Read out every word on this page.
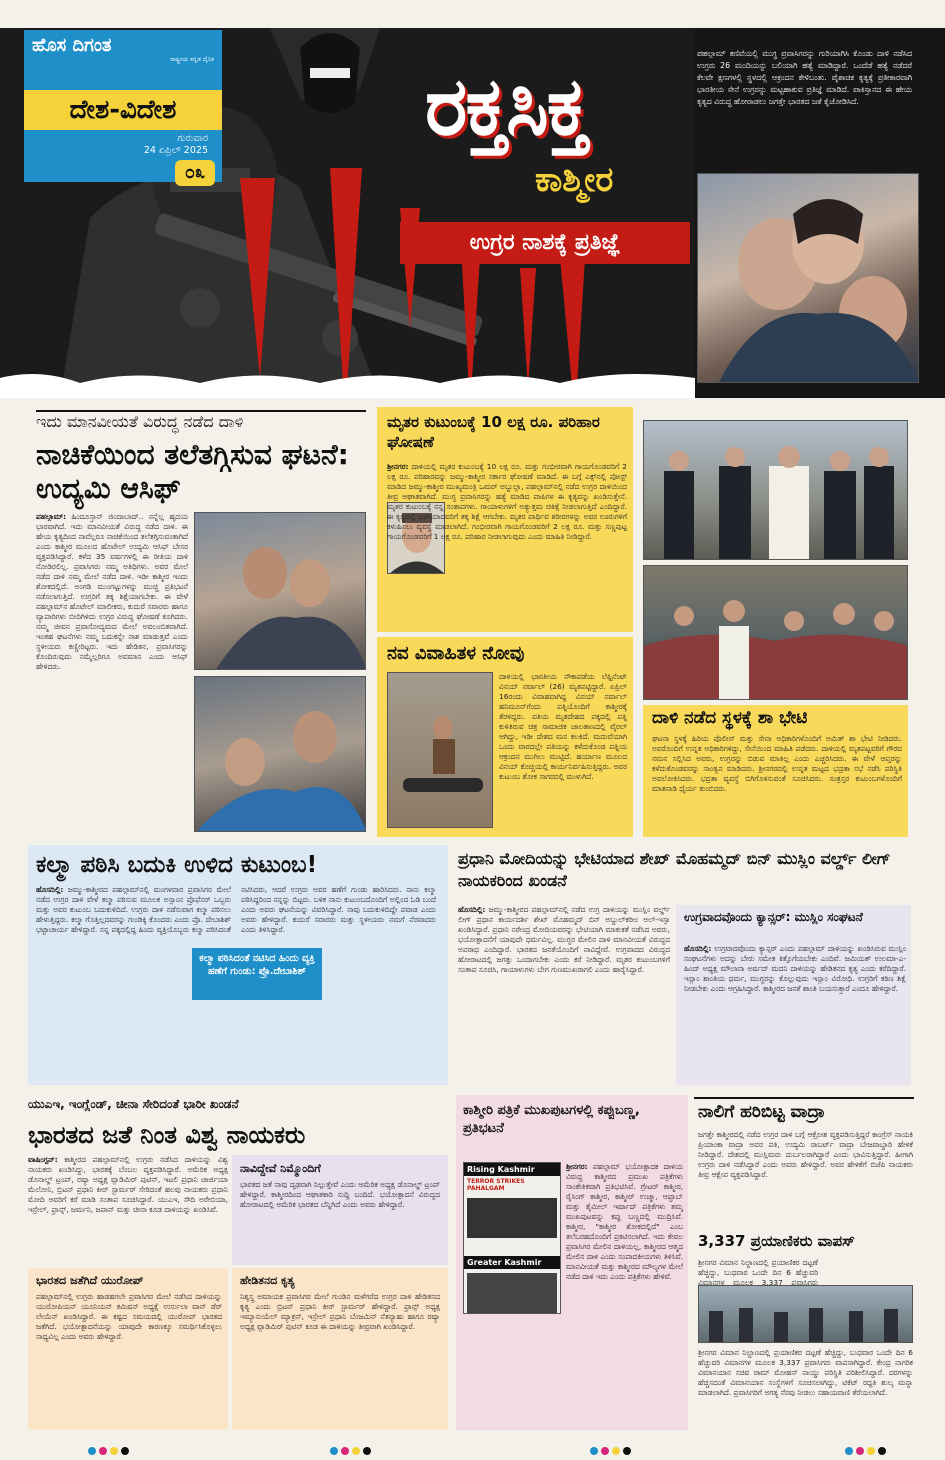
ಹೊಸ ದಿಗಂತ
ರಾಷ್ಟ್ರೀಯ ಕನ್ನಡ ದೈನಿಕ
ದೇಶ-ವಿದೇಶ
ಗುರುವಾರ
24 ಏಪ್ರಿಲ್ 2025
೦೩
ರಕ್ತಸಿಕ್ತ
ಕಾಶ್ಮೀರ
ಉಗ್ರರ ನಾಶಕ್ಕೆ ಪ್ರತಿಜ್ಞೆ
ಪಹಲ್ಗಾಮ್ ಕಣಿವೆಯಲ್ಲಿ ಮುಗ್ಧ ಪ್ರವಾಸಿಗರನ್ನು ಗುರಿಯಾಗಿಸಿ ಕೊಂಡು ದಾಳಿ ನಡೆಸಿದ ಉಗ್ರರು 26 ಮಂದಿಯನ್ನು ಬಲಿಯಾಗಿ ಹತ್ಯೆ ಮಾಡಿದ್ದಾರೆ. ಒಂದೆಡೆ ಹತ್ಯೆ ನಡೆದರೆ ಕೆಲವೇ ಕ್ಷಣಗಳಲ್ಲಿ ಸ್ಥಳದಲ್ಲಿ ಆಕ್ರಂದನ ಕೇಳಿಬಂತು. ಪೈಶಾಚಿಕ ಕೃತ್ಯಕ್ಕೆ ಪ್ರತೀಕಾರವಾಗಿ ಭಾರತೀಯ ಸೇನೆ ಉಗ್ರರನ್ನು ಮಟ್ಟಹಾಕುವ ಪ್ರತಿಜ್ಞೆ ಮಾಡಿದೆ. ಪಾಕಿಸ್ತಾನದ ಈ ಹೇಯ ಕೃತ್ಯದ ವಿರುದ್ಧ ಹೋರಾಡಲು ಜಗತ್ತೇ ಭಾರತದ ಜತೆ ಕೈಜೋಡಿಸಿದೆ.
ಇದು ಮಾನವೀಯತೆ ವಿರುದ್ಧ ನಡೆದ ದಾಳಿ
ನಾಚಿಕೆಯಿಂದ ತಲೆತಗ್ಗಿಸುವ ಘಟನೆ: ಉದ್ಯಮಿ ಆಸಿಫ್
ಪಹಲ್ಗಾಮ್: ಹಿಂದೂಸ್ತಾನ್ ಜಿಂದಾಬಾದ್.. ನನ್ನೆಲ್ಲ ಹೃದಯ ಭಾರವಾಗಿದೆ. ಇದು ಮಾನವೀಯತೆ ವಿರುದ್ಧ ನಡೆದ ದಾಳಿ. ಈ ಹೇಯ ಕೃತ್ಯದಿಂದ ನಾವೆಲ್ಲರೂ ನಾಚಿಕೆಯಿಂದ ತಲೆತಗ್ಗಿಸುವಂತಾಗಿದೆ ಎಂದು ಕಾಶ್ಮೀರ ಮೂಲದ ಹೊಟೇಲ್ ಉದ್ಯಮಿ ಆಸಿಫ್ ಬೇಸರ ವ್ಯಕ್ತಪಡಿಸಿದ್ದಾರೆ. ಕಳೆದ 35 ವರ್ಷಗಳಲ್ಲಿ ಈ ರೀತಿಯ ದಾಳಿ ನೋಡಿರಲಿಲ್ಲ. ಪ್ರವಾಸಿಗರು ನಮ್ಮ ಅತಿಥಿಗಳು. ಅವರ ಮೇಲೆ ನಡೆದ ದಾಳಿ ನಮ್ಮ ಮೇಲೆ ನಡೆದ ದಾಳಿ. ಇಡೀ ಕಾಶ್ಮೀರ ಇಂದು ಶೋಕದಲ್ಲಿದೆ. ಅಂಗಡಿ ಮುಂಗಟ್ಟುಗಳನ್ನು ಮುಚ್ಚಿ ಪ್ರತಿಭಟನೆ ನಡೆಸಲಾಗುತ್ತಿದೆ. ಉಗ್ರರಿಗೆ ತಕ್ಕ ಶಿಕ್ಷೆಯಾಗಬೇಕು. ಈ ವೇಳೆ ಪಹಲ್ಗಾಮ್‌ನ ಹೊಟೇಲ್ ಮಾಲೀಕರು, ಕುದುರೆ ಸವಾರರು ಹಾಗೂ ವ್ಯಾಪಾರಿಗಳು ಬೀದಿಗಿಳಿದು ಉಗ್ರರ ವಿರುದ್ಧ ಘೋಷಣೆ ಕೂಗಿದರು. ನಮ್ಮ ಜೀವನ ಪ್ರವಾಸೋದ್ಯಮದ ಮೇಲೆ ಅವಲಂಬಿತವಾಗಿದೆ. ಇಂತಹ ಘಟನೆಗಳು ನಮ್ಮ ಬದುಕನ್ನೇ ನಾಶ ಮಾಡುತ್ತವೆ ಎಂದು ಸ್ಥಳೀಯರು ಕಣ್ಣೀರಿಟ್ಟರು. ಇದು ಹೇಡಿತನ, ಪ್ರವಾಸಿಗರನ್ನು ಕೊಂದಿರುವುದು ನಮ್ಮೆಲ್ಲರಿಗೂ ಅವಮಾನ ಎಂದು ಆಸಿಫ್ ಹೇಳಿದರು.
ಮೃತರ ಕುಟುಂಬಕ್ಕೆ 10 ಲಕ್ಷ ರೂ. ಪರಿಹಾರ ಘೋಷಣೆ
ಶ್ರೀನಗರ: ದಾಳಿಯಲ್ಲಿ ಮೃತರ ಕುಟುಂಬಕ್ಕೆ 10 ಲಕ್ಷ ರೂ. ಮತ್ತು ಗಂಭೀರವಾಗಿ ಗಾಯಗೊಂಡವರಿಗೆ 2 ಲಕ್ಷ ರೂ. ಪರಿಹಾರವನ್ನು ಜಮ್ಮು-ಕಾಶ್ಮೀರ ಸರ್ಕಾರ ಘೋಷಣೆ ಮಾಡಿದೆ. ಈ ಬಗ್ಗೆ ಎಕ್ಸ್‌ನಲ್ಲಿ ಪೋಸ್ಟ್ ಮಾಡಿದ ಜಮ್ಮು-ಕಾಶ್ಮೀರ ಮುಖ್ಯಮಂತ್ರಿ ಒಮರ್ ಅಬ್ದುಲ್ಲಾ, ಪಹಲ್ಗಾಮ್‌ನಲ್ಲಿ ನಡೆದ ಉಗ್ರರ ದಾಳಿಯಿಂದ ತೀವ್ರ ಆಘಾತವಾಗಿದೆ. ಮುಗ್ಧ ಪ್ರವಾಸಿಗರನ್ನು ಹತ್ಯೆ ಮಾಡಿದ ಪಾಪಿಗಳ ಈ ಕೃತ್ಯವನ್ನು ಖಂಡಿಸುತ್ತೇನೆ. ಮೃತರ ಕುಟುಂಬಕ್ಕೆ ನನ್ನ ಸಂತಾಪಗಳು. ಗಾಯಾಳುಗಳಿಗೆ ಅತ್ಯುತ್ತಮ ಚಿಕಿತ್ಸೆ ನೀಡಲಾಗುತ್ತಿದೆ ಎಂದಿದ್ದಾರೆ. ಈ ಕೃತ್ಯದಲ್ಲಿ ಭಾಗಿಯಾದವರಿಗೆ ತಕ್ಕ ಶಿಕ್ಷೆ ಆಗಬೇಕು. ಮೃತರ ಪಾರ್ಥಿವ ಶರೀರಗಳನ್ನು ಅವರ ಊರುಗಳಿಗೆ ಕಳುಹಿಸಲು ವ್ಯವಸ್ಥೆ ಮಾಡಲಾಗಿದೆ. ಗಂಭೀರವಾಗಿ ಗಾಯಗೊಂಡವರಿಗೆ 2 ಲಕ್ಷ ರೂ. ಮತ್ತು ಸಣ್ಣಪುಟ್ಟ ಗಾಯಗೊಂಡವರಿಗೆ 1 ಲಕ್ಷ ರೂ. ಪರಿಹಾರ ನೀಡಲಾಗುವುದು ಎಂದು ಮಾಹಿತಿ ನೀಡಿದ್ದಾರೆ.
ನವ ವಿವಾಹಿತಳ ನೋವು
ದಾಳಿಯಲ್ಲಿ ಭಾರತೀಯ ನೌಕಾಪಡೆಯ ಲೆಫ್ಟಿನೆಂಟ್ ವಿನಯ್ ನರ್ವಾಲ್ (26) ಮೃತಪಟ್ಟಿದ್ದಾರೆ. ಏಪ್ರಿಲ್ 16ರಂದು ವಿವಾಹವಾಗಿದ್ದ ವಿನಯ್ ನರ್ವಾಲ್ ಹನಿಮೂನ್‌ಗೆಂದು ಪತ್ನಿಯೊಂದಿಗೆ ಕಾಶ್ಮೀರಕ್ಕೆ ತೆರಳಿದ್ದರು. ಪತಿಯ ಮೃತದೇಹದ ಪಕ್ಕದಲ್ಲಿ ಪತ್ನಿ ಕುಳಿತಿರುವ ಚಿತ್ರ ಸಾಮಾಜಿಕ ಜಾಲತಾಣದಲ್ಲಿ ವೈರಲ್ ಆಗಿದ್ದು, ಇಡೀ ದೇಶದ ಮನ ಕಲಕಿದೆ. ಮದುವೆಯಾಗಿ ಒಂದು ವಾರದಲ್ಲೇ ಪತಿಯನ್ನು ಕಳೆದುಕೊಂಡ ಪತ್ನಿಯ ಆಕ್ರಂದನ ಮುಗಿಲು ಮುಟ್ಟಿದೆ. ಹರ್ಯಾಣ ಮೂಲದ ವಿನಯ್ ಕೊಚ್ಚಿಯಲ್ಲಿ ಕಾರ್ಯನಿರ್ವಹಿಸುತ್ತಿದ್ದರು. ಅವರ ಕುಟುಂಬ ಶೋಕ ಸಾಗರದಲ್ಲಿ ಮುಳುಗಿದೆ.
ದಾಳಿ ನಡೆದ ಸ್ಥಳಕ್ಕೆ ಶಾ ಭೇಟಿ
ಘಟನಾ ಸ್ಥಳಕ್ಕೆ ಹಿರಿಯ ಪೊಲೀಸ್ ಮತ್ತು ಸೇನಾ ಅಧಿಕಾರಿಗಳೊಂದಿಗೆ ಅಮಿತ್ ಶಾ ಭೇಟಿ ನೀಡಿದರು. ಅವರೊಂದಿಗೆ ಉನ್ನತ ಅಧಿಕಾರಿಗಳಿದ್ದು, ಸೇನೆಯಿಂದ ಮಾಹಿತಿ ಪಡೆದರು. ದಾಳಿಯಲ್ಲಿ ಮೃತಪಟ್ಟವರಿಗೆ ಗೌರವ ನಮನ ಸಲ್ಲಿಸಿದ ಅವರು, ಉಗ್ರರನ್ನು ಬಿಡುವ ಮಾತಿಲ್ಲ ಎಂದು ಎಚ್ಚರಿಸಿದರು. ಈ ವೇಳೆ ಆಪ್ತರನ್ನು ಕಳೆದುಕೊಂಡವರನ್ನು ಸಾಂತ್ವನ ಮಾಡಿದರು. ಶ್ರೀನಗರದಲ್ಲಿ ಉನ್ನತ ಮಟ್ಟದ ಭದ್ರತಾ ಸಭೆ ನಡೆಸಿ ಪರಿಸ್ಥಿತಿ ಅವಲೋಕಿಸಿದರು. ಭದ್ರತಾ ವ್ಯವಸ್ಥೆ ಬಿಗಿಗೊಳಿಸುವಂತೆ ಸೂಚಿಸಿದರು. ಸಂತ್ರಸ್ತರ ಕುಟುಂಬಗಳೊಂದಿಗೆ ಮಾತನಾಡಿ ಧೈರ್ಯ ತುಂಬಿದರು.
ಕಲ್ಮಾ ಪಠಿಸಿ ಬದುಕಿ ಉಳಿದ ಕುಟುಂಬ!
ಹೊಸದಿಲ್ಲಿ: ಜಮ್ಮು-ಕಾಶ್ಮೀರದ ಪಹಲ್ಗಾಮ್‌ನಲ್ಲಿ ಮಂಗಳವಾರ ಪ್ರವಾಸಿಗರ ಮೇಲೆ ನಡೆದ ಉಗ್ರರ ದಾಳಿ ವೇಳೆ ಕಲ್ಮಾ ಪಠಿಸುವ ಮೂಲಕ ಅಸ್ಸಾಂನ ಪ್ರೊಫೆಸರ್ ಒಬ್ಬರು ಮತ್ತು ಅವರ ಕುಟುಂಬ ಬದುಕುಳಿದಿದೆ. ಉಗ್ರರು ದಾಳಿ ನಡೆಸುವಾಗ ಕಲ್ಮಾ ಪಠಿಸಲು ಹೇಳುತ್ತಿದ್ದರು. ಕಲ್ಮಾ ಗೊತ್ತಿಲ್ಲದವರನ್ನು ಗುಂಡಿಕ್ಕಿ ಕೊಂದರು ಎಂದು ಪ್ರೊ. ದೇಬಾಶಿಶ್ ಭಟ್ಟಾಚಾರ್ಯ ಹೇಳಿದ್ದಾರೆ. ನನ್ನ ಪಕ್ಕದಲ್ಲಿದ್ದ ಹಿಂದು ವ್ಯಕ್ತಿಯೊಬ್ಬರು ಕಲ್ಮಾ ಪಠಿಸಿದಂತೆ ನಟಿಸಿದರು, ಆದರೆ ಉಗ್ರರು ಅವರ ಹಣೆಗೆ ಗುಂಡು ಹಾರಿಸಿದರು. ನಾನು ಕಲ್ಮಾ ಪಠಿಸಿದ್ದರಿಂದ ನನ್ನನ್ನು ಬಿಟ್ಟರು. ಬಳಿಕ ನಾನು ಕುಟುಂಬದೊಂದಿಗೆ ಅಲ್ಲಿಂದ ಓಡಿ ಬಂದೆ ಎಂದು ಅವರು ಘಟನೆಯನ್ನು ವಿವರಿಸಿದ್ದಾರೆ. ನಾವು ಬದುಕುಳಿದಿದ್ದೇ ಪವಾಡ ಎಂದು ಅವರು ಹೇಳಿದ್ದಾರೆ. ಕುದುರೆ ಸವಾರರು ಮತ್ತು ಸ್ಥಳೀಯರು ನಮಗೆ ನೆರವಾದರು ಎಂದು ತಿಳಿಸಿದ್ದಾರೆ.
ಕಲ್ಮಾ ಪಠಿಸಿದಂತೆ ನಟಿಸಿದ ಹಿಂದು ವ್ಯಕ್ತಿ ಹಣೆಗೆ ಗುಂಡು: ಪ್ರೊ.ದೇಬಾಶಿಶ್
ಪ್ರಧಾನಿ ಮೋದಿಯನ್ನು ಭೇಟಿಯಾದ ಶೇಖ್ ಮೊಹಮ್ಮದ್ ಬಿನ್ ಮುಸ್ಲಿಂ ವರ್ಲ್ಡ್ ಲೀಗ್ ನಾಯಕರಿಂದ ಖಂಡನೆ
ಹೊಸದಿಲ್ಲಿ: ಜಮ್ಮು-ಕಾಶ್ಮೀರದ ಪಹಲ್ಗಾಮ್‌ನಲ್ಲಿ ನಡೆದ ಉಗ್ರ ದಾಳಿಯನ್ನು ಮುಸ್ಲಿಂ ವರ್ಲ್ಡ್ ಲೀಗ್ ಪ್ರಧಾನ ಕಾರ್ಯದರ್ಶಿ ಶೇಖ್ ಮೊಹಮ್ಮದ್ ಬಿನ್ ಅಬ್ದುಲ್‌ಕರೀಂ ಅಲ್-ಇಸ್ಸಾ ಖಂಡಿಸಿದ್ದಾರೆ. ಪ್ರಧಾನಿ ನರೇಂದ್ರ ಮೋದಿಯವರನ್ನು ಭೇಟಿಯಾಗಿ ಮಾತುಕತೆ ನಡೆಸಿದ ಅವರು, ಭಯೋತ್ಪಾದನೆಗೆ ಯಾವುದೇ ಧರ್ಮವಿಲ್ಲ. ಮುಗ್ಧರ ಮೇಲಿನ ದಾಳಿ ಮಾನವೀಯತೆ ವಿರುದ್ಧದ ಅಪರಾಧ ಎಂದಿದ್ದಾರೆ. ಭಾರತದ ಜನತೆಯೊಂದಿಗೆ ನಾವಿದ್ದೇವೆ. ಉಗ್ರವಾದದ ವಿರುದ್ಧದ ಹೋರಾಟದಲ್ಲಿ ಜಗತ್ತು ಒಂದಾಗಬೇಕು ಎಂದು ಕರೆ ನೀಡಿದ್ದಾರೆ. ಮೃತರ ಕುಟುಂಬಗಳಿಗೆ ಸಂತಾಪ ಸೂಚಿಸಿ, ಗಾಯಾಳುಗಳು ಬೇಗ ಗುಣಮುಖರಾಗಲಿ ಎಂದು ಹಾರೈಸಿದ್ದಾರೆ.
ಉಗ್ರವಾದವೊಂದು ಕ್ಯಾನ್ಸರ್: ಮುಸ್ಲಿಂ ಸಂಘಟನೆ
ಹೊಸದಿಲ್ಲಿ: ಉಗ್ರವಾದವೊಂದು ಕ್ಯಾನ್ಸರ್ ಎಂದು ಪಹಲ್ಗಾಮ್ ದಾಳಿಯನ್ನು ಖಂಡಿಸಿರುವ ಮುಸ್ಲಿಂ ಸಂಘಟನೆಗಳು ಅದನ್ನು ಬೇರು ಸಮೇತ ಕಿತ್ತೊಗೆಯಬೇಕು ಎಂದಿವೆ. ಜಮಿಯತ್ ಉಲಮಾ-ಎ-ಹಿಂದ್ ಅಧ್ಯಕ್ಷ ಮೌಲಾನಾ ಅರ್ಷದ್ ಮದನಿ ದಾಳಿಯನ್ನು ಹೇಡಿತನದ ಕೃತ್ಯ ಎಂದು ಕರೆದಿದ್ದಾರೆ. ಇಸ್ಲಾಂ ಶಾಂತಿಯ ಧರ್ಮ, ಮುಗ್ಧರನ್ನು ಕೊಲ್ಲುವುದು ಇಸ್ಲಾಂ ವಿರೋಧಿ. ಉಗ್ರರಿಗೆ ಕಠಿಣ ಶಿಕ್ಷೆ ನೀಡಬೇಕು ಎಂದು ಆಗ್ರಹಿಸಿದ್ದಾರೆ. ಕಾಶ್ಮೀರದ ಜನತೆ ಶಾಂತಿ ಬಯಸುತ್ತಾರೆ ಎಂದೂ ಹೇಳಿದ್ದಾರೆ.
ಯುಎಇ, ಇಂಗ್ಲೆಂಡ್, ಚೀನಾ ಸೇರಿದಂತೆ ಭಾರೀ ಖಂಡನೆ
ಭಾರತದ ಜತೆ ನಿಂತ ವಿಶ್ವ ನಾಯಕರು
ವಾಷಿಂಗ್ಟನ್: ಕಾಶ್ಮೀರದ ಪಹಲ್ಗಾಮ್‌ನಲ್ಲಿ ಉಗ್ರರು ನಡೆಸಿದ ದಾಳಿಯನ್ನು ವಿಶ್ವ ನಾಯಕರು ಖಂಡಿಸಿದ್ದು, ಭಾರತಕ್ಕೆ ಬೆಂಬಲ ವ್ಯಕ್ತಪಡಿಸಿದ್ದಾರೆ. ಅಮೆರಿಕ ಅಧ್ಯಕ್ಷ ಡೊನಾಲ್ಡ್ ಟ್ರಂಪ್, ರಷ್ಯಾ ಅಧ್ಯಕ್ಷ ವ್ಲಾಡಿಮಿರ್ ಪುಟಿನ್, ಇಟಲಿ ಪ್ರಧಾನಿ ಜಾರ್ಜಿಯಾ ಮೆಲೋನಿ, ಬ್ರಿಟನ್ ಪ್ರಧಾನಿ ಕೀರ್ ಸ್ಟಾರ್ಮರ್ ಸೇರಿದಂತೆ ಹಲವು ನಾಯಕರು ಪ್ರಧಾನಿ ಮೋದಿ ಅವರಿಗೆ ಕರೆ ಮಾಡಿ ಸಂತಾಪ ಸೂಚಿಸಿದ್ದಾರೆ. ಯುಎಇ, ಸೌದಿ ಅರೇಬಿಯಾ, ಇಸ್ರೇಲ್, ಫ್ರಾನ್ಸ್, ಜರ್ಮನಿ, ಜಪಾನ್ ಮತ್ತು ಚೀನಾ ಕೂಡ ದಾಳಿಯನ್ನು ಖಂಡಿಸಿವೆ.
ನಾವಿದ್ದೇವೆ ನಿಮ್ಮೊಂದಿಗೆ
ಭಾರತದ ಜತೆ ನಾವು ದೃಢವಾಗಿ ನಿಲ್ಲುತ್ತೇವೆ ಎಂದು ಅಮೆರಿಕ ಅಧ್ಯಕ್ಷ ಡೊನಾಲ್ಡ್ ಟ್ರಂಪ್ ಹೇಳಿದ್ದಾರೆ. ಕಾಶ್ಮೀರದಿಂದ ಆಘಾತಕಾರಿ ಸುದ್ದಿ ಬಂದಿದೆ. ಭಯೋತ್ಪಾದನೆ ವಿರುದ್ಧದ ಹೋರಾಟದಲ್ಲಿ ಅಮೆರಿಕ ಭಾರತದ ಬೆನ್ನಿಗಿದೆ ಎಂದು ಅವರು ಹೇಳಿದ್ದಾರೆ.
ಭಾರತದ ಜತೆಗಿದೆ ಯುರೋಪ್
ಪಹಲ್ಗಾಮ್‌ನಲ್ಲಿ ಉಗ್ರರು ಹಾಡಹಗಲೇ ಪ್ರವಾಸಿಗರ ಮೇಲೆ ನಡೆಸಿದ ದಾಳಿಯನ್ನು ಯುರೋಪಿಯನ್ ಯೂನಿಯನ್ ಕಮಿಷನ್ ಅಧ್ಯಕ್ಷೆ ಉರ್ಸುಲಾ ವಾನ್ ಡೆರ್ ಲೇಯೆನ್ ಖಂಡಿಸಿದ್ದಾರೆ. ಈ ಕಷ್ಟದ ಸಮಯದಲ್ಲಿ ಯುರೋಪ್ ಭಾರತದ ಜತೆಗಿದೆ. ಭಯೋತ್ಪಾದನೆಯನ್ನು ಯಾವುದೇ ಕಾರಣಕ್ಕೂ ಸಮರ್ಥಿಸಿಕೊಳ್ಳಲು ಸಾಧ್ಯವಿಲ್ಲ ಎಂದು ಅವರು ಹೇಳಿದ್ದಾರೆ.
ಹೇಡಿತನದ ಕೃತ್ಯ
ನಿಶ್ಶಸ್ತ್ರ ಅಮಾಯಕ ಪ್ರವಾಸಿಗರ ಮೇಲೆ ಗುಂಡಿನ ಮಳೆಗರೆದ ಉಗ್ರರ ದಾಳಿ ಹೇಡಿತನದ ಕೃತ್ಯ ಎಂದು ಬ್ರಿಟನ್ ಪ್ರಧಾನಿ ಕೀರ್ ಸ್ಟಾರ್ಮರ್ ಹೇಳಿದ್ದಾರೆ. ಫ್ರಾನ್ಸ್ ಅಧ್ಯಕ್ಷ ಇಮ್ಯಾನುಯೆಲ್ ಮ್ಯಾಕ್ರನ್, ಇಸ್ರೇಲ್ ಪ್ರಧಾನಿ ಬೆಂಜಮಿನ್ ನೆತನ್ಯಾಹು ಹಾಗೂ ರಷ್ಯಾ ಅಧ್ಯಕ್ಷ ವ್ಲಾಡಿಮಿರ್ ಪುಟಿನ್ ಕೂಡ ಈ ದಾಳಿಯನ್ನು ತೀವ್ರವಾಗಿ ಖಂಡಿಸಿದ್ದಾರೆ.
ಕಾಶ್ಮೀರಿ ಪತ್ರಿಕೆ ಮುಖಪುಟಗಳಲ್ಲಿ ಕಪ್ಪುಬಣ್ಣ, ಪ್ರತಿಭಟನೆ
Rising Kashmir
TERROR STRIKES PAHALGAM
Greater Kashmir
ಶ್ರೀನಗರ: ಪಹಲ್ಗಾಮ್ ಭಯೋತ್ಪಾದಕ ದಾಳಿಯ ವಿರುದ್ಧ ಕಾಶ್ಮೀರದ ಪ್ರಮುಖ ಪತ್ರಿಕೆಗಳು ಸಾಂಕೇತಿಕವಾಗಿ ಪ್ರತಿಭಟಿಸಿವೆ. ಗ್ರೇಟರ್ ಕಾಶ್ಮೀರ, ರೈಸಿಂಗ್ ಕಾಶ್ಮೀರ, ಕಾಶ್ಮೀರ್ ಉಜ್ಮಾ, ಆಫ್ತಾಬ್ ಮತ್ತು ತೈಮೀಲ್ ಇರ್ಷಾದ್ ಪತ್ರಿಕೆಗಳು ತಮ್ಮ ಮುಖಪುಟವನ್ನು ಕಪ್ಪು ಬಣ್ಣದಲ್ಲಿ ಮುದ್ರಿಸಿವೆ. ಕಾಶ್ಮೀರ, "ಕಾಶ್ಮೀರ ಶೋಕದಲ್ಲಿದೆ" ಎಂಬ ತಲೆಬರಹದೊಂದಿಗೆ ಪ್ರಕಟಿಸಲಾಗಿದೆ. ಇದು ಕೇವಲ ಪ್ರವಾಸಿಗರ ಮೇಲಿನ ದಾಳಿಯಲ್ಲ, ಕಾಶ್ಮೀರದ ಆತ್ಮದ ಮೇಲಿನ ದಾಳಿ ಎಂದು ಸಂಪಾದಕೀಯಗಳು ತಿಳಿಸಿವೆ. ಮಾನವೀಯತೆ ಮತ್ತು ಕಾಶ್ಮೀರದ ಮೌಲ್ಯಗಳ ಮೇಲೆ ನಡೆದ ದಾಳಿ ಇದು ಎಂದು ಪತ್ರಿಕೆಗಳು ಹೇಳಿವೆ.
ನಾಲಿಗೆ ಹರಿಬಿಟ್ಟ ವಾದ್ರಾ
ಜಗತ್ತೇ ಕಾಶ್ಮೀರದಲ್ಲಿ ನಡೆದ ಉಗ್ರರ ದಾಳಿ ಬಗ್ಗೆ ಆಕ್ರೋಶ ವ್ಯಕ್ತಪಡಿಸುತ್ತಿದ್ದರೆ ಕಾಂಗ್ರೆಸ್ ನಾಯಕಿ ಪ್ರಿಯಾಂಕಾ ವಾದ್ರಾ ಅವರ ಪತಿ, ಉದ್ಯಮಿ ರಾಬರ್ಟ್ ವಾದ್ರಾ ಬೇಜವಾಬ್ದಾರಿ ಹೇಳಿಕೆ ನೀಡಿದ್ದಾರೆ. ದೇಶದಲ್ಲಿ ಮುಸ್ಲಿಮರು ದುರ್ಬಲರಾಗಿದ್ದಾರೆ ಎಂದು ಭಾವಿಸುತ್ತಿದ್ದಾರೆ. ಹೀಗಾಗಿ ಉಗ್ರರು ದಾಳಿ ನಡೆಸಿದ್ದಾರೆ ಎಂದು ಅವರು ಹೇಳಿದ್ದಾರೆ. ಅವರ ಹೇಳಿಕೆಗೆ ಬಿಜೆಪಿ ನಾಯಕರು ತೀವ್ರ ಆಕ್ಷೇಪ ವ್ಯಕ್ತಪಡಿಸಿದ್ದಾರೆ.
3,337 ಪ್ರಯಾಣಿಕರು ವಾಪಸ್
ಶ್ರೀನಗರ ವಿಮಾನ ನಿಲ್ದಾಣದಲ್ಲಿ ಪ್ರಯಾಣಿಕರ ದಟ್ಟಣೆ ಹೆಚ್ಚಿದ್ದು, ಬುಧವಾರ ಒಂದೇ ದಿನ 6 ಹೆಚ್ಚುವರಿ ವಿಮಾನಗಳ ಮೂಲಕ 3,337 ಪ್ರವಾಸಿಗರು
ಶ್ರೀನಗರ ವಿಮಾನ ನಿಲ್ದಾಣದಲ್ಲಿ ಪ್ರಯಾಣಿಕರ ದಟ್ಟಣೆ ಹೆಚ್ಚಿದ್ದು, ಬುಧವಾರ ಒಂದೇ ದಿನ 6 ಹೆಚ್ಚುವರಿ ವಿಮಾನಗಳ ಮೂಲಕ 3,337 ಪ್ರವಾಸಿಗರು ವಾಪಸಾಗಿದ್ದಾರೆ. ಕೇಂದ್ರ ನಾಗರಿಕ ವಿಮಾನಯಾನ ಸಚಿವ ರಾಮ್ ಮೋಹನ್ ನಾಯ್ಡು ಪರಿಸ್ಥಿತಿ ಪರಿಶೀಲಿಸಿದ್ದಾರೆ. ದರಗಳನ್ನು ಹೆಚ್ಚಿಸದಂತೆ ವಿಮಾನಯಾನ ಸಂಸ್ಥೆಗಳಿಗೆ ಸೂಚಿಸಲಾಗಿದ್ದು, ಟಿಕೆಟ್ ರದ್ದತಿ ಶುಲ್ಕ ಮನ್ನಾ ಮಾಡಲಾಗಿದೆ. ಪ್ರವಾಸಿಗರಿಗೆ ಅಗತ್ಯ ನೆರವು ನೀಡಲು ಸಹಾಯವಾಣಿ ತೆರೆಯಲಾಗಿದೆ.
